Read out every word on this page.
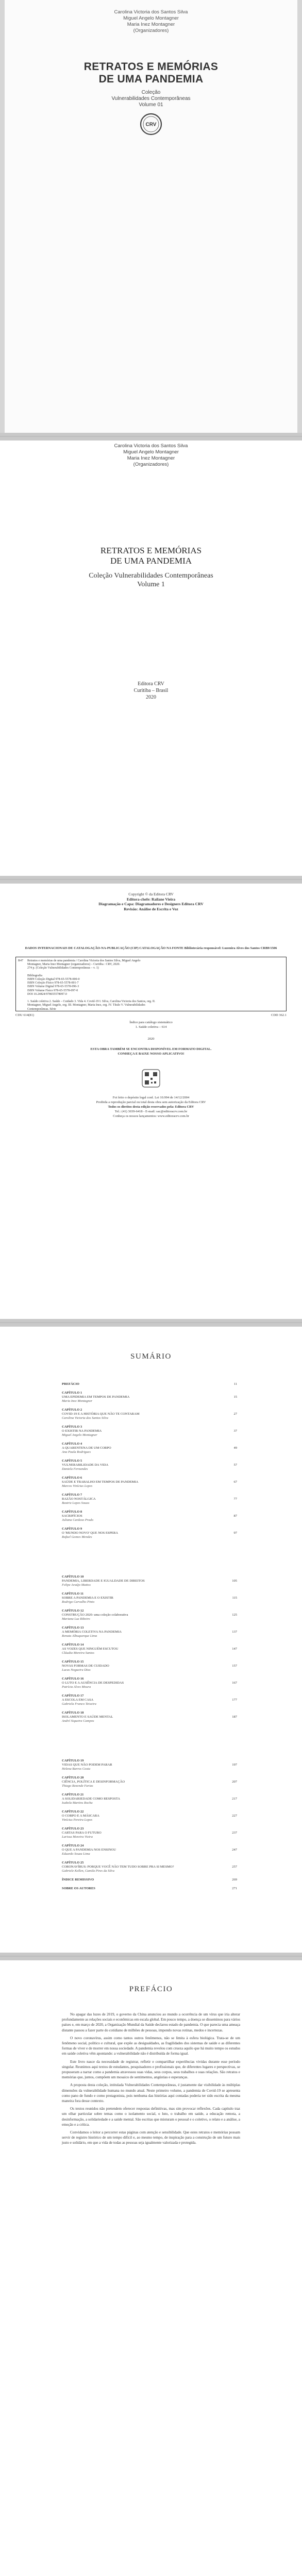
Carolina Victoria dos Santos Silva
Miguel Angelo Montagner
Maria Inez Montagner
(Organizadores)
RETRATOS E MEMÓRIAS
DE UMA PANDEMIA
Coleção
Vulnerabilidades Contemporâneas
Volume 01
CRV
Carolina Victoria dos Santos Silva
Miguel Angelo Montagner
Maria Inez Montagner
(Organizadores)
RETRATOS E MEMÓRIAS
DE UMA PANDEMIA
Coleção Vulnerabilidades Contemporâneas
Volume 1
Editora CRV
Curitiba – Brasil
2020
Copyright © da Editora CRV
Editora-chefe: Railane Vieira
Diagramação e Capa: Diagramadores e Designers Editora CRV
Revisão: Análise de Escrita e Voz
DADOS INTERNACIONAIS DE CATALOGAÇÃO-NA-PUBLICAÇÃO (CIP) CATALOGAÇÃO NA FONTE Bibliotecária responsável: Luzenira Alves dos Santos CRB9/1506
R47 Retratos e memórias de uma pandemia / Carolina Victoria dos Santos Silva, Miguel Angelo
Montagner, Maria Inez Montagner (organizadores) – Curitiba : CRV, 2020.
274 p. (Coleção Vulnerabilidades Contemporâneas – v. 1)
Bibliografia
ISBN Coleção Digital 978-65-5578-000-0
ISBN Coleção Físico 978-65-5578-001-7
ISBN Volume Digital 978-65-5578-096-3
ISBN Volume Físico 978-65-5578-097-0
DOI 10.24824/978655578097.0
1. Saúde coletiva 2. Saúde – Cuidado 3. Vida 4. Covid-19 I. Silva, Carolina Victoria dos Santos, org. II.
Montagner, Miguel Angelo, org. III. Montagner, Maria Inez, org. IV. Título V. Vulnerabilidades
Contemporâneas. Série
CDU 614(81)	CDD 362.1
Índice para catálogo sistemático
1. Saúde coletiva – 614
2020
ESTA OBRA TAMBÉM SE ENCONTRA DISPONÍVEL EM FORMATO DIGITAL.
CONHEÇA E BAIXE NOSSO APLICATIVO!
Foi feito o depósito legal conf. Lei 10.994 de 14/12/2004
Proibida a reprodução parcial ou total desta obra sem autorização da Editora CRV
Todos os direitos desta edição reservados pela: Editora CRV
Tel.: (41) 3039-6418 - E-mail: sac@editoracrv.com.br
Conheça os nossos lançamentos: www.editoracrv.com.br
SUMÁRIO
PREFÁCIO	11
CAPÍTULO 1
UMA EPIDEMIA EM TEMPOS DE PANDEMIA	15
Maria Inez Montagner
CAPÍTULO 2
COVID-19 E A HISTÓRIA QUE NÃO TE CONTARAM	27
Carolina Victoria dos Santos Silva
CAPÍTULO 3
O EXISTIR NA PANDEMIA	37
Miguel Angelo Montagner
CAPÍTULO 4
A QUARENTENA DE UM CORPO	49
Ana Paula Rodrigues
CAPÍTULO 5
VULNERABILIDADE DA VIDA	57
Daniela Fernandes
CAPÍTULO 6
SAÚDE E TRABALHO EM TEMPOS DE PANDEMIA	67
Marcos Vinícius Lopes
CAPÍTULO 7
RAZÃO NOSTÁLGICA	77
Beatriz Lopes Souza
CAPÍTULO 8
SACRIFÍCIOS	87
Juliana Cardoso Prado
CAPÍTULO 9
O 'MUNDO NOVO' QUE NOS ESPERA	97
Rafael Gomes Mendes
CAPÍTULO 10
PANDEMIA, LIBERDADE E IGUALDADE DE DIREITOS	105
Felipe Araújo Mattos
CAPÍTULO 11
SOBRE A PANDEMIA E O EXISTIR	115
Rodrigo Carvalho Pinto
CAPÍTULO 12
CONSTRUÇÃO 2020: uma coleção colaborativa	125
Mariana Luz Ribeiro
CAPÍTULO 13
A MEMÓRIA COLETIVA NA PANDEMIA	137
Renata Albuquerque Lima
CAPÍTULO 14
AS VOZES QUE NINGUÉM ESCUTOU	147
Cláudia Moreira Santos
CAPÍTULO 15
NOVAS FORMAS DE CUIDADO	157
Lucas Nogueira Dias
CAPÍTULO 16
O LUTO E A AUSÊNCIA DE DESPEDIDAS	167
Patrícia Alves Moura
CAPÍTULO 17
A ESCOLA EM CASA	177
Gabriela Franco Teixeira
CAPÍTULO 18
ISOLAMENTO E SAÚDE MENTAL	187
André Siqueira Campos
CAPÍTULO 19
VIDAS QUE NÃO PODEM PARAR	197
Helena Barros Costa
CAPÍTULO 20
CIÊNCIA, POLÍTICA E DESINFORMAÇÃO	207
Thiago Rezende Farias
CAPÍTULO 21
A SOLIDARIEDADE COMO RESPOSTA	217
Isabela Martins Rocha
CAPÍTULO 22
O CORPO E A MÁSCARA	227
Vinícius Pereira Lopes
CAPÍTULO 23
CARTAS PARA O FUTURO	237
Larissa Moreira Vieira
CAPÍTULO 24
O QUE A PANDEMIA NOS ENSINOU	247
Eduardo Souza Lima
CAPÍTULO 25
CORONAVÍRUS: PORQUE VOCÊ NÃO TEM TUDO SOBRE PRA SI MESMO?	257
Gabriele Kellen, Camila Pires da Silva
ÍNDICE REMISSIVO	269
SOBRE OS AUTORES	271
PREFÁCIO

No apagar das luzes de 2019, o governo da China anunciou ao mundo a ocorrência de um vírus que iria alterar profundamente as relações sociais e econômicas em escala global. Em pouco tempo, a doença se disseminou para vários países e, em março de 2020, a Organização Mundial da Saúde declarou estado de pandemia. O que parecia uma ameaça distante passou a fazer parte do cotidiano de milhões de pessoas, impondo novas rotinas, medos e incertezas.

O novo coronavírus, assim como tantos outros fenômenos, não se limita à esfera biológica. Trata-se de um fenômeno social, político e cultural, que expõe as desigualdades, as fragilidades dos sistemas de saúde e as diferentes formas de viver e de morrer em nossa sociedade. A pandemia revelou com crueza aquilo que há muito tempo os estudos em saúde coletiva vêm apontando: a vulnerabilidade não é distribuída de forma igual.

Este livro nasce da necessidade de registrar, refletir e compartilhar experiências vividas durante esse período singular. Reunimos aqui textos de estudantes, pesquisadores e profissionais que, de diferentes lugares e perspectivas, se propuseram a narrar como a pandemia atravessou suas vidas, seus corpos, seus trabalhos e suas relações. São retratos e memórias que, juntos, compõem um mosaico de sentimentos, angústias e esperanças.

A proposta desta coleção, intitulada Vulnerabilidades Contemporâneas, é justamente dar visibilidade às múltiplas dimensões da vulnerabilidade humana no mundo atual. Neste primeiro volume, a pandemia de Covid-19 se apresenta como pano de fundo e como protagonista, pois nenhuma das histórias aqui contadas poderia ter sido escrita da mesma maneira fora desse contexto.

Os textos reunidos não pretendem oferecer respostas definitivas, mas sim provocar reflexões. Cada capítulo traz um olhar particular sobre temas como o isolamento social, o luto, o trabalho em saúde, a educação remota, a desinformação, a solidariedade e a saúde mental. São escritas que misturam o pessoal e o coletivo, o relato e a análise, a emoção e a crítica.

Convidamos o leitor a percorrer estas páginas com atenção e sensibilidade. Que estes retratos e memórias possam servir de registro histórico de um tempo difícil e, ao mesmo tempo, de inspiração para a construção de um futuro mais justo e solidário, em que a vida de todas as pessoas seja igualmente valorizada e protegida.
